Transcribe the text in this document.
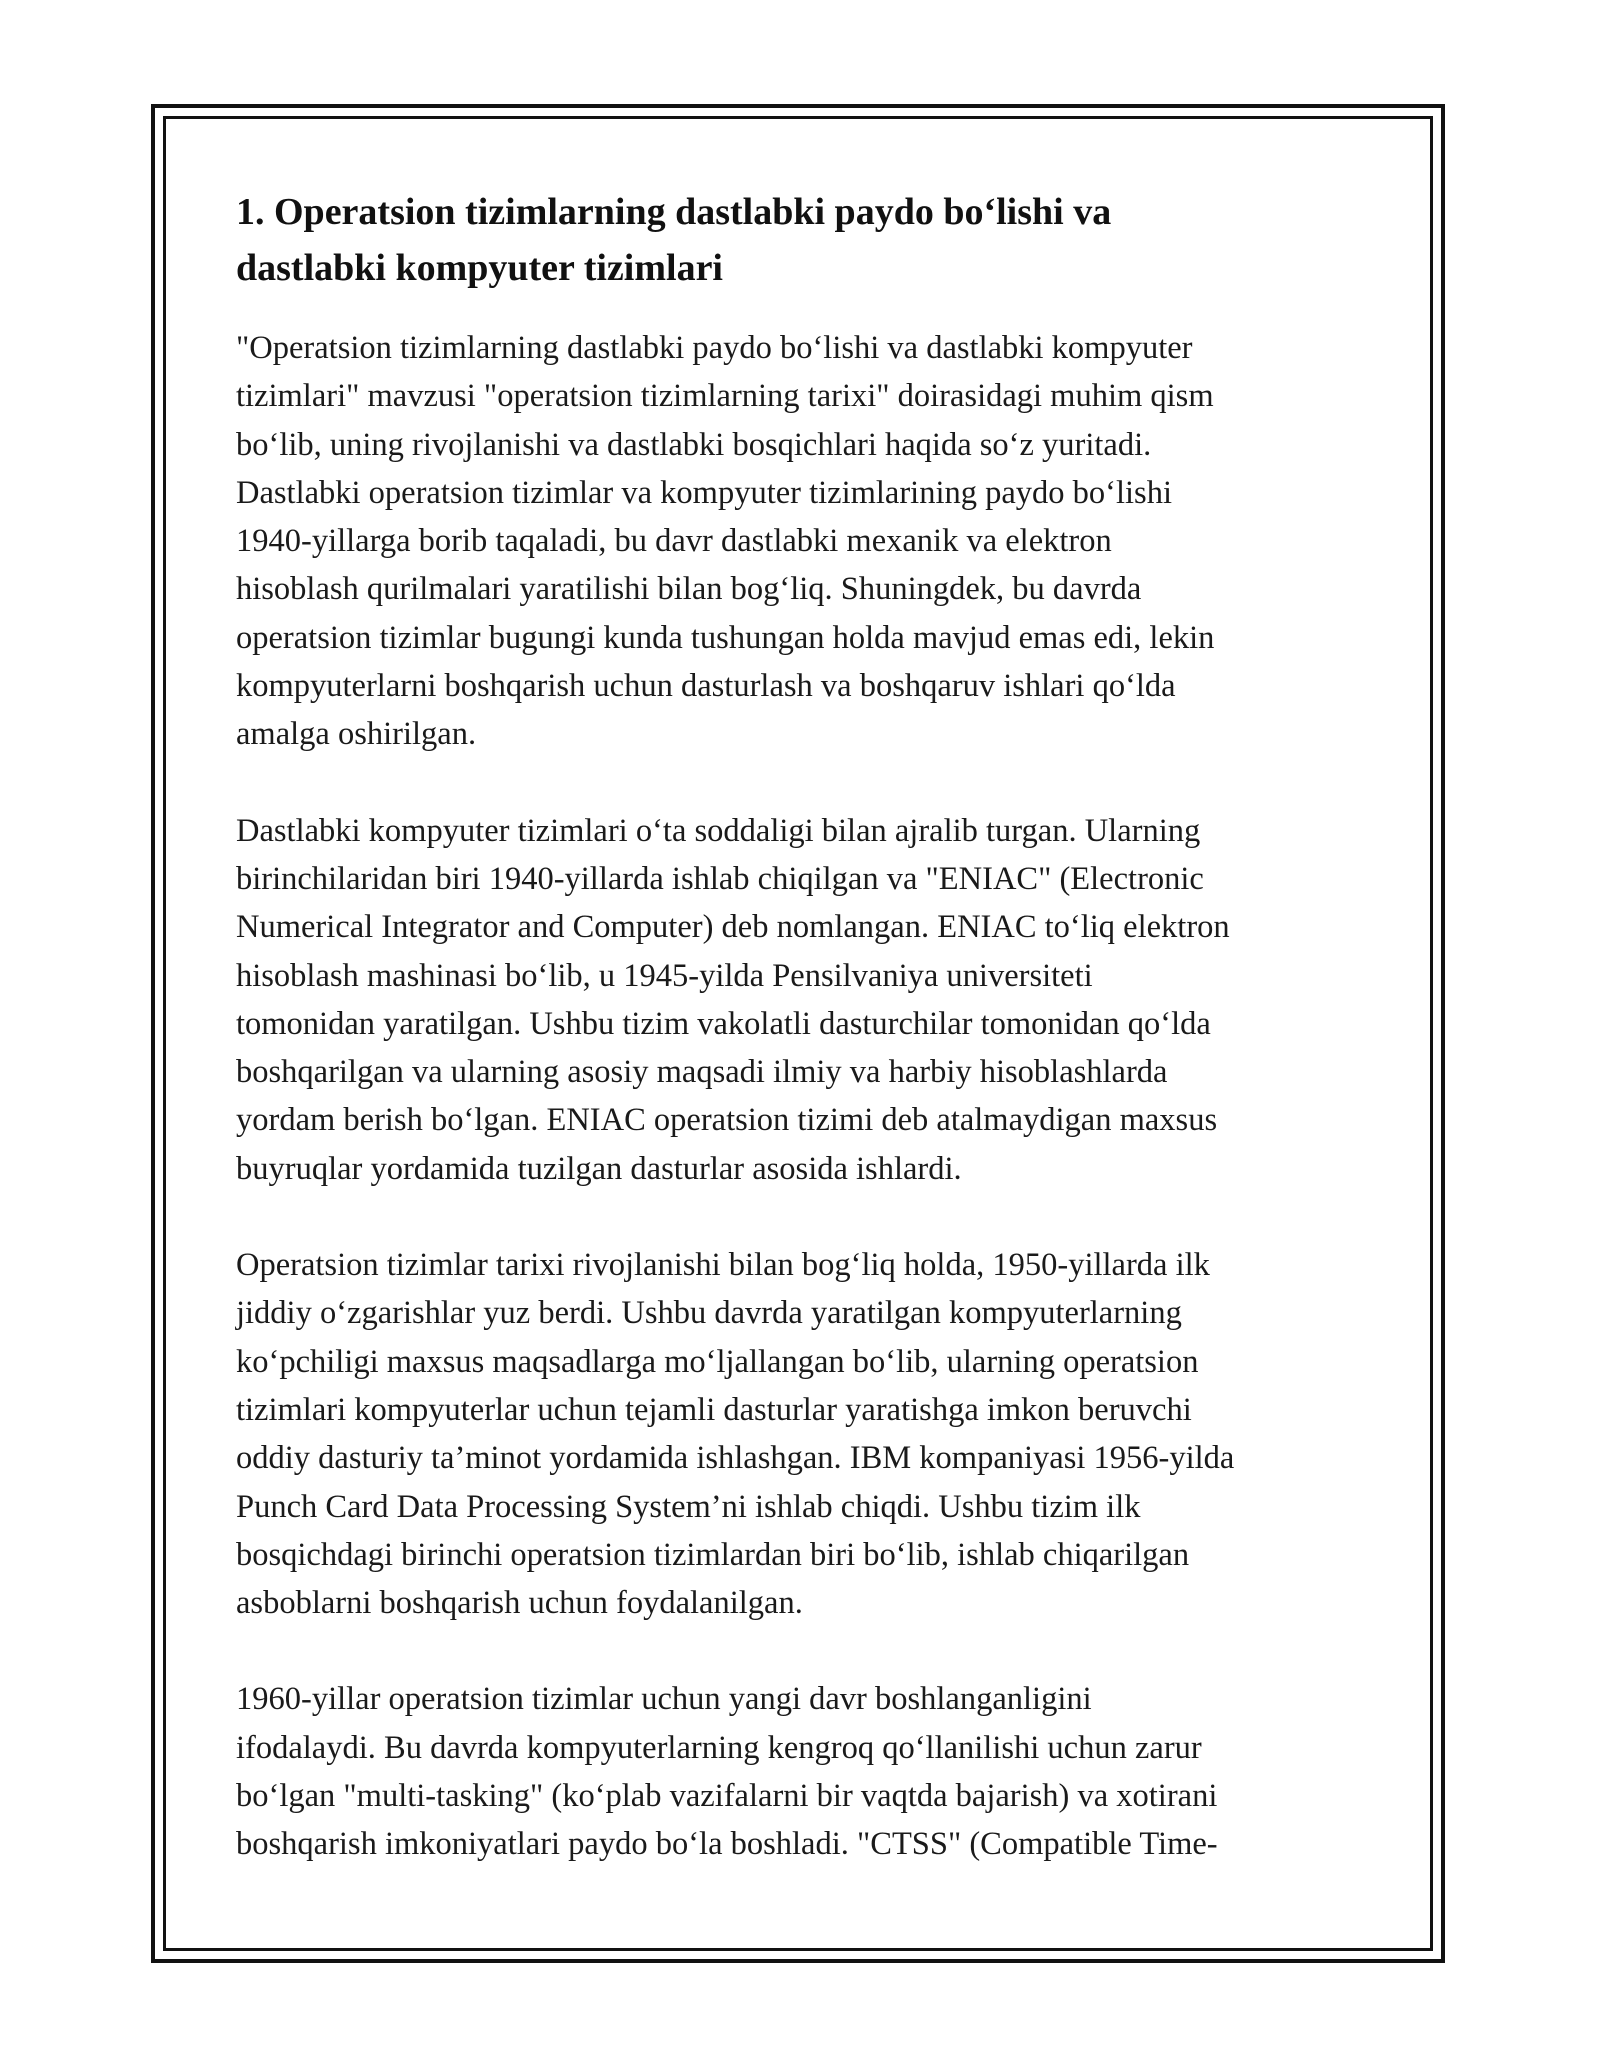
1. Operatsion tizimlarning dastlabki paydo bo‘lishi va
dastlabki kompyuter tizimlari

"Operatsion tizimlarning dastlabki paydo bo‘lishi va dastlabki kompyuter
tizimlari" mavzusi "operatsion tizimlarning tarixi" doirasidagi muhim qism
bo‘lib, uning rivojlanishi va dastlabki bosqichlari haqida so‘z yuritadi.
Dastlabki operatsion tizimlar va kompyuter tizimlarining paydo bo‘lishi
1940-yillarga borib taqaladi, bu davr dastlabki mexanik va elektron
hisoblash qurilmalari yaratilishi bilan bog‘liq. Shuningdek, bu davrda
operatsion tizimlar bugungi kunda tushungan holda mavjud emas edi, lekin
kompyuterlarni boshqarish uchun dasturlash va boshqaruv ishlari qo‘lda
amalga oshirilgan.

Dastlabki kompyuter tizimlari o‘ta soddaligi bilan ajralib turgan. Ularning
birinchilaridan biri 1940-yillarda ishlab chiqilgan va "ENIAC" (Electronic
Numerical Integrator and Computer) deb nomlangan. ENIAC to‘liq elektron
hisoblash mashinasi bo‘lib, u 1945-yilda Pensilvaniya universiteti
tomonidan yaratilgan. Ushbu tizim vakolatli dasturchilar tomonidan qo‘lda
boshqarilgan va ularning asosiy maqsadi ilmiy va harbiy hisoblashlarda
yordam berish bo‘lgan. ENIAC operatsion tizimi deb atalmaydigan maxsus
buyruqlar yordamida tuzilgan dasturlar asosida ishlardi.

Operatsion tizimlar tarixi rivojlanishi bilan bog‘liq holda, 1950-yillarda ilk
jiddiy o‘zgarishlar yuz berdi. Ushbu davrda yaratilgan kompyuterlarning
ko‘pchiligi maxsus maqsadlarga mo‘ljallangan bo‘lib, ularning operatsion
tizimlari kompyuterlar uchun tejamli dasturlar yaratishga imkon beruvchi
oddiy dasturiy ta’minot yordamida ishlashgan. IBM kompaniyasi 1956-yilda
Punch Card Data Processing System’ni ishlab chiqdi. Ushbu tizim ilk
bosqichdagi birinchi operatsion tizimlardan biri bo‘lib, ishlab chiqarilgan
asboblarni boshqarish uchun foydalanilgan.

1960-yillar operatsion tizimlar uchun yangi davr boshlanganligini
ifodalaydi. Bu davrda kompyuterlarning kengroq qo‘llanilishi uchun zarur
bo‘lgan "multi-tasking" (ko‘plab vazifalarni bir vaqtda bajarish) va xotirani
boshqarish imkoniyatlari paydo bo‘la boshladi. "CTSS" (Compatible Time-
